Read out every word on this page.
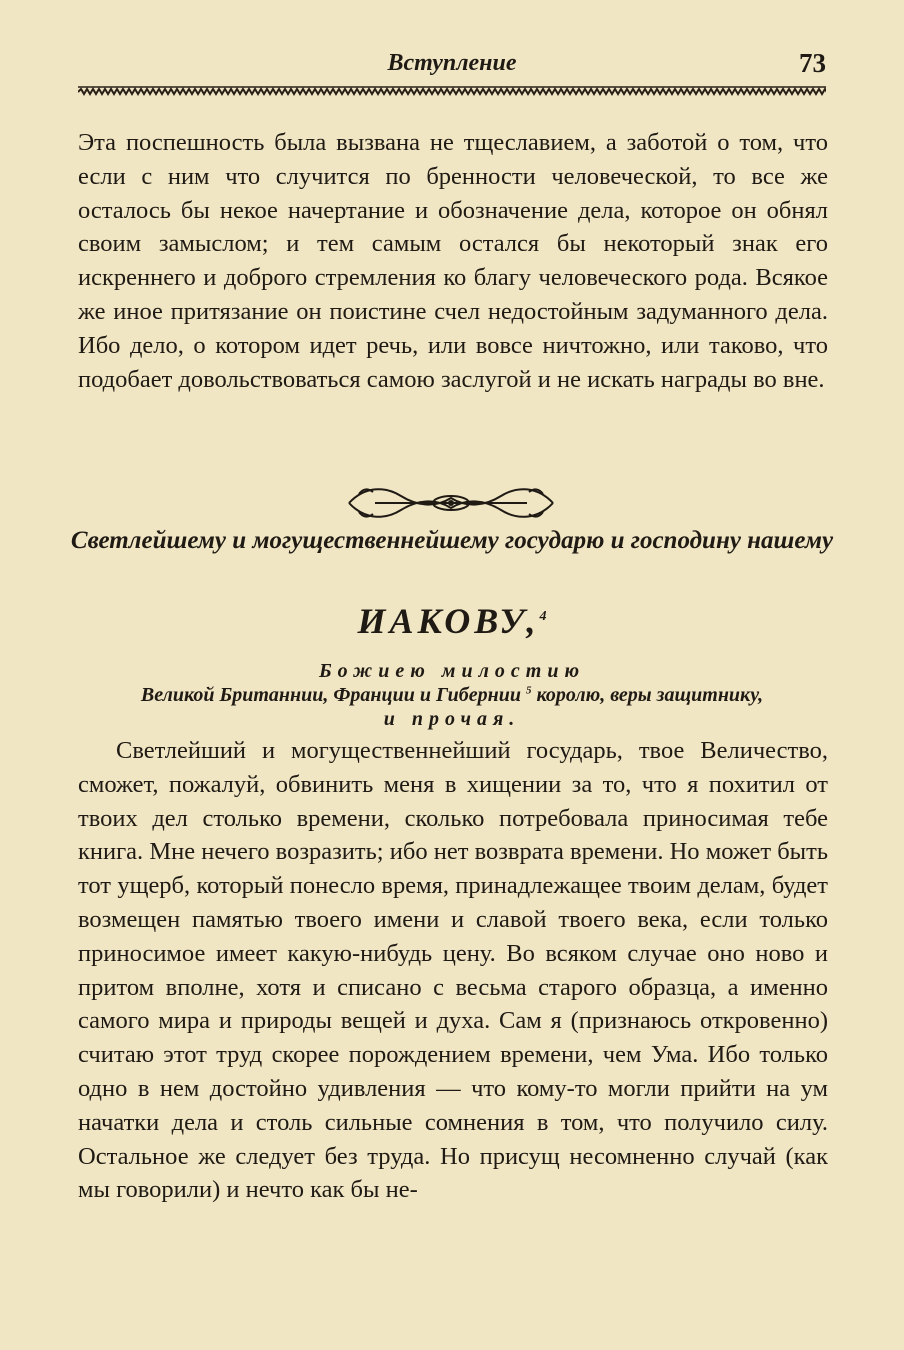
Вступление	73
Эта поспешность была вызвана не тщеславием, а заботой о том, что если с ним что случится по бренности человеческой, то все же осталось бы некое начертание и обозначение дела, которое он обнял своим замыслом; и тем самым остался бы некоторый знак его искреннего и доброго стремления ко благу человеческого рода. Всякое же иное притязание он поистине счел недостойным задуманного дела. Ибо дело, о котором идет речь, или вовсе ничтожно, или таково, что подобает довольствоваться самою заслугой и не искать награды во вне.
Светлейшему и могущественнейшему государю и господину нашему
ИАКОВУ,$^4$
Божиею милостию
Великой Британнии, Франции и Гибернии $^5$ королю, веры защитнику,
и прочая.
Светлейший и могущественнейший государь, твое Величество, сможет, пожалуй, обвинить меня в хищении за то, что я похитил от твоих дел столько времени, сколько потребовала приносимая тебе книга. Мне нечего возразить; ибо нет возврата времени. Но может быть тот ущерб, который понесло время, принадлежащее твоим делам, будет возмещен памятью твоего имени и славой твоего века, если только приносимое имеет какую-нибудь цену. Во всяком случае оно ново и притом вполне, хотя и списано с весьма старого образца, а именно самого мира и природы вещей и духа. Сам я (признаюсь откровенно) считаю этот труд скорее порождением времени, чем Ума. Ибо только одно в нем достойно удивления — что кому-то могли прийти на ум начатки дела и столь сильные сомнения в том, что получило силу. Остальное же следует без труда. Но присущ несомненно случай (как мы говорили) и нечто как бы не-
